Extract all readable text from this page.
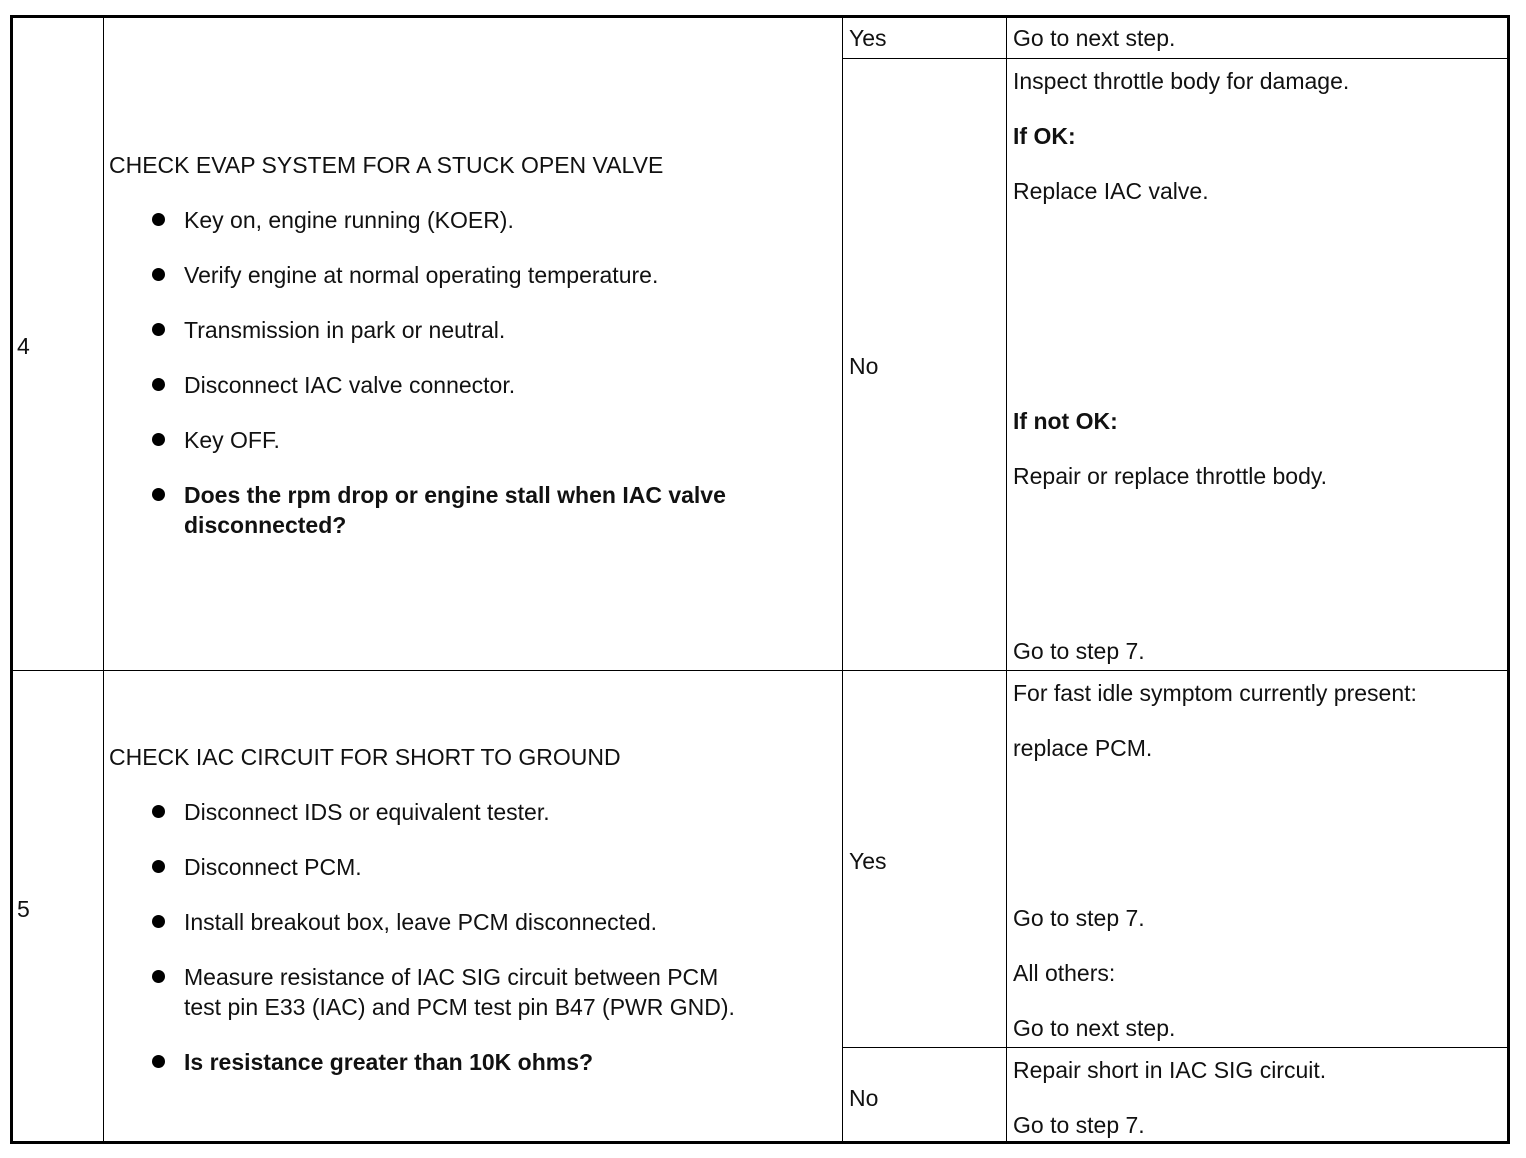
4
CHECK EVAP SYSTEM FOR A STUCK OPEN VALVE
Key on, engine running (KOER).
Verify engine at normal operating temperature.
Transmission in park or neutral.
Disconnect IAC valve connector.
Key OFF.
Does the rpm drop or engine stall when IAC valve
disconnected?
Yes	Go to next step.
No
Inspect throttle body for damage.
If OK:
Replace IAC valve.
If not OK:
Repair or replace throttle body.
Go to step 7.
5
CHECK IAC CIRCUIT FOR SHORT TO GROUND
Disconnect IDS or equivalent tester.
Disconnect PCM.
Install breakout box, leave PCM disconnected.
Measure resistance of IAC SIG circuit between PCM
test pin E33 (IAC) and PCM test pin B47 (PWR GND).
Is resistance greater than 10K ohms?
Yes
For fast idle symptom currently present:
replace PCM.
Go to step 7.
All others:
Go to next step.
No
Repair short in IAC SIG circuit.
Go to step 7.
